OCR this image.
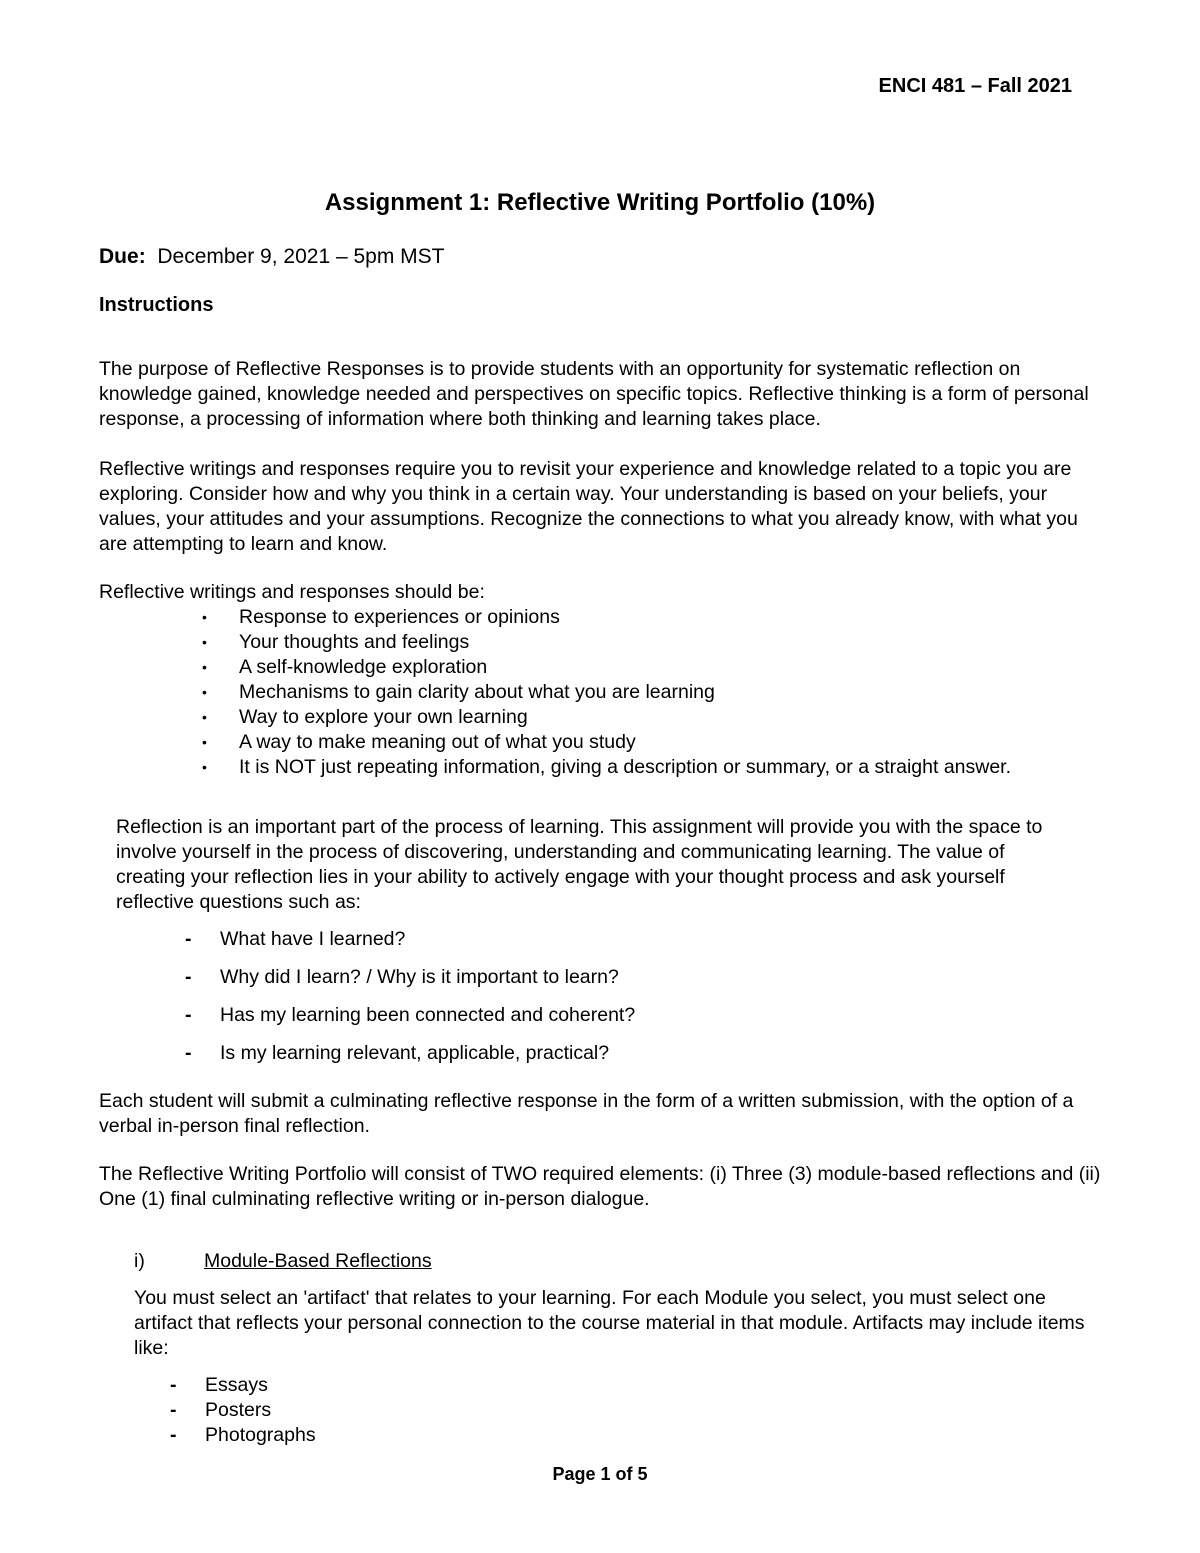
ENCI 481 – Fall 2021
Assignment 1: Reflective Writing Portfolio (10%)
Due:  December 9, 2021 – 5pm MST
Instructions
The purpose of Reflective Responses is to provide students with an opportunity for systematic reflection on knowledge gained, knowledge needed and perspectives on specific topics. Reflective thinking is a form of personal response, a processing of information where both thinking and learning takes place.
Reflective writings and responses require you to revisit your experience and knowledge related to a topic you are exploring. Consider how and why you think in a certain way. Your understanding is based on your beliefs, your values, your attitudes and your assumptions. Recognize the connections to what you already know, with what you are attempting to learn and know.
Reflective writings and responses should be:
• Response to experiences or opinions
• Your thoughts and feelings
• A self-knowledge exploration
• Mechanisms to gain clarity about what you are learning
• Way to explore your own learning
• A way to make meaning out of what you study
• It is NOT just repeating information, giving a description or summary, or a straight answer.
Reflection is an important part of the process of learning. This assignment will provide you with the space to involve yourself in the process of discovering, understanding and communicating learning. The value of creating your reflection lies in your ability to actively engage with your thought process and ask yourself reflective questions such as:
- What have I learned?
- Why did I learn? / Why is it important to learn?
- Has my learning been connected and coherent?
- Is my learning relevant, applicable, practical?
Each student will submit a culminating reflective response in the form of a written submission, with the option of a verbal in-person final reflection.
The Reflective Writing Portfolio will consist of TWO required elements: (i) Three (3) module-based reflections and (ii) One (1) final culminating reflective writing or in-person dialogue.
i)	Module-Based Reflections
You must select an 'artifact' that relates to your learning. For each Module you select, you must select one artifact that reflects your personal connection to the course material in that module. Artifacts may include items like:
- Essays
- Posters
- Photographs
Page 1 of 5
